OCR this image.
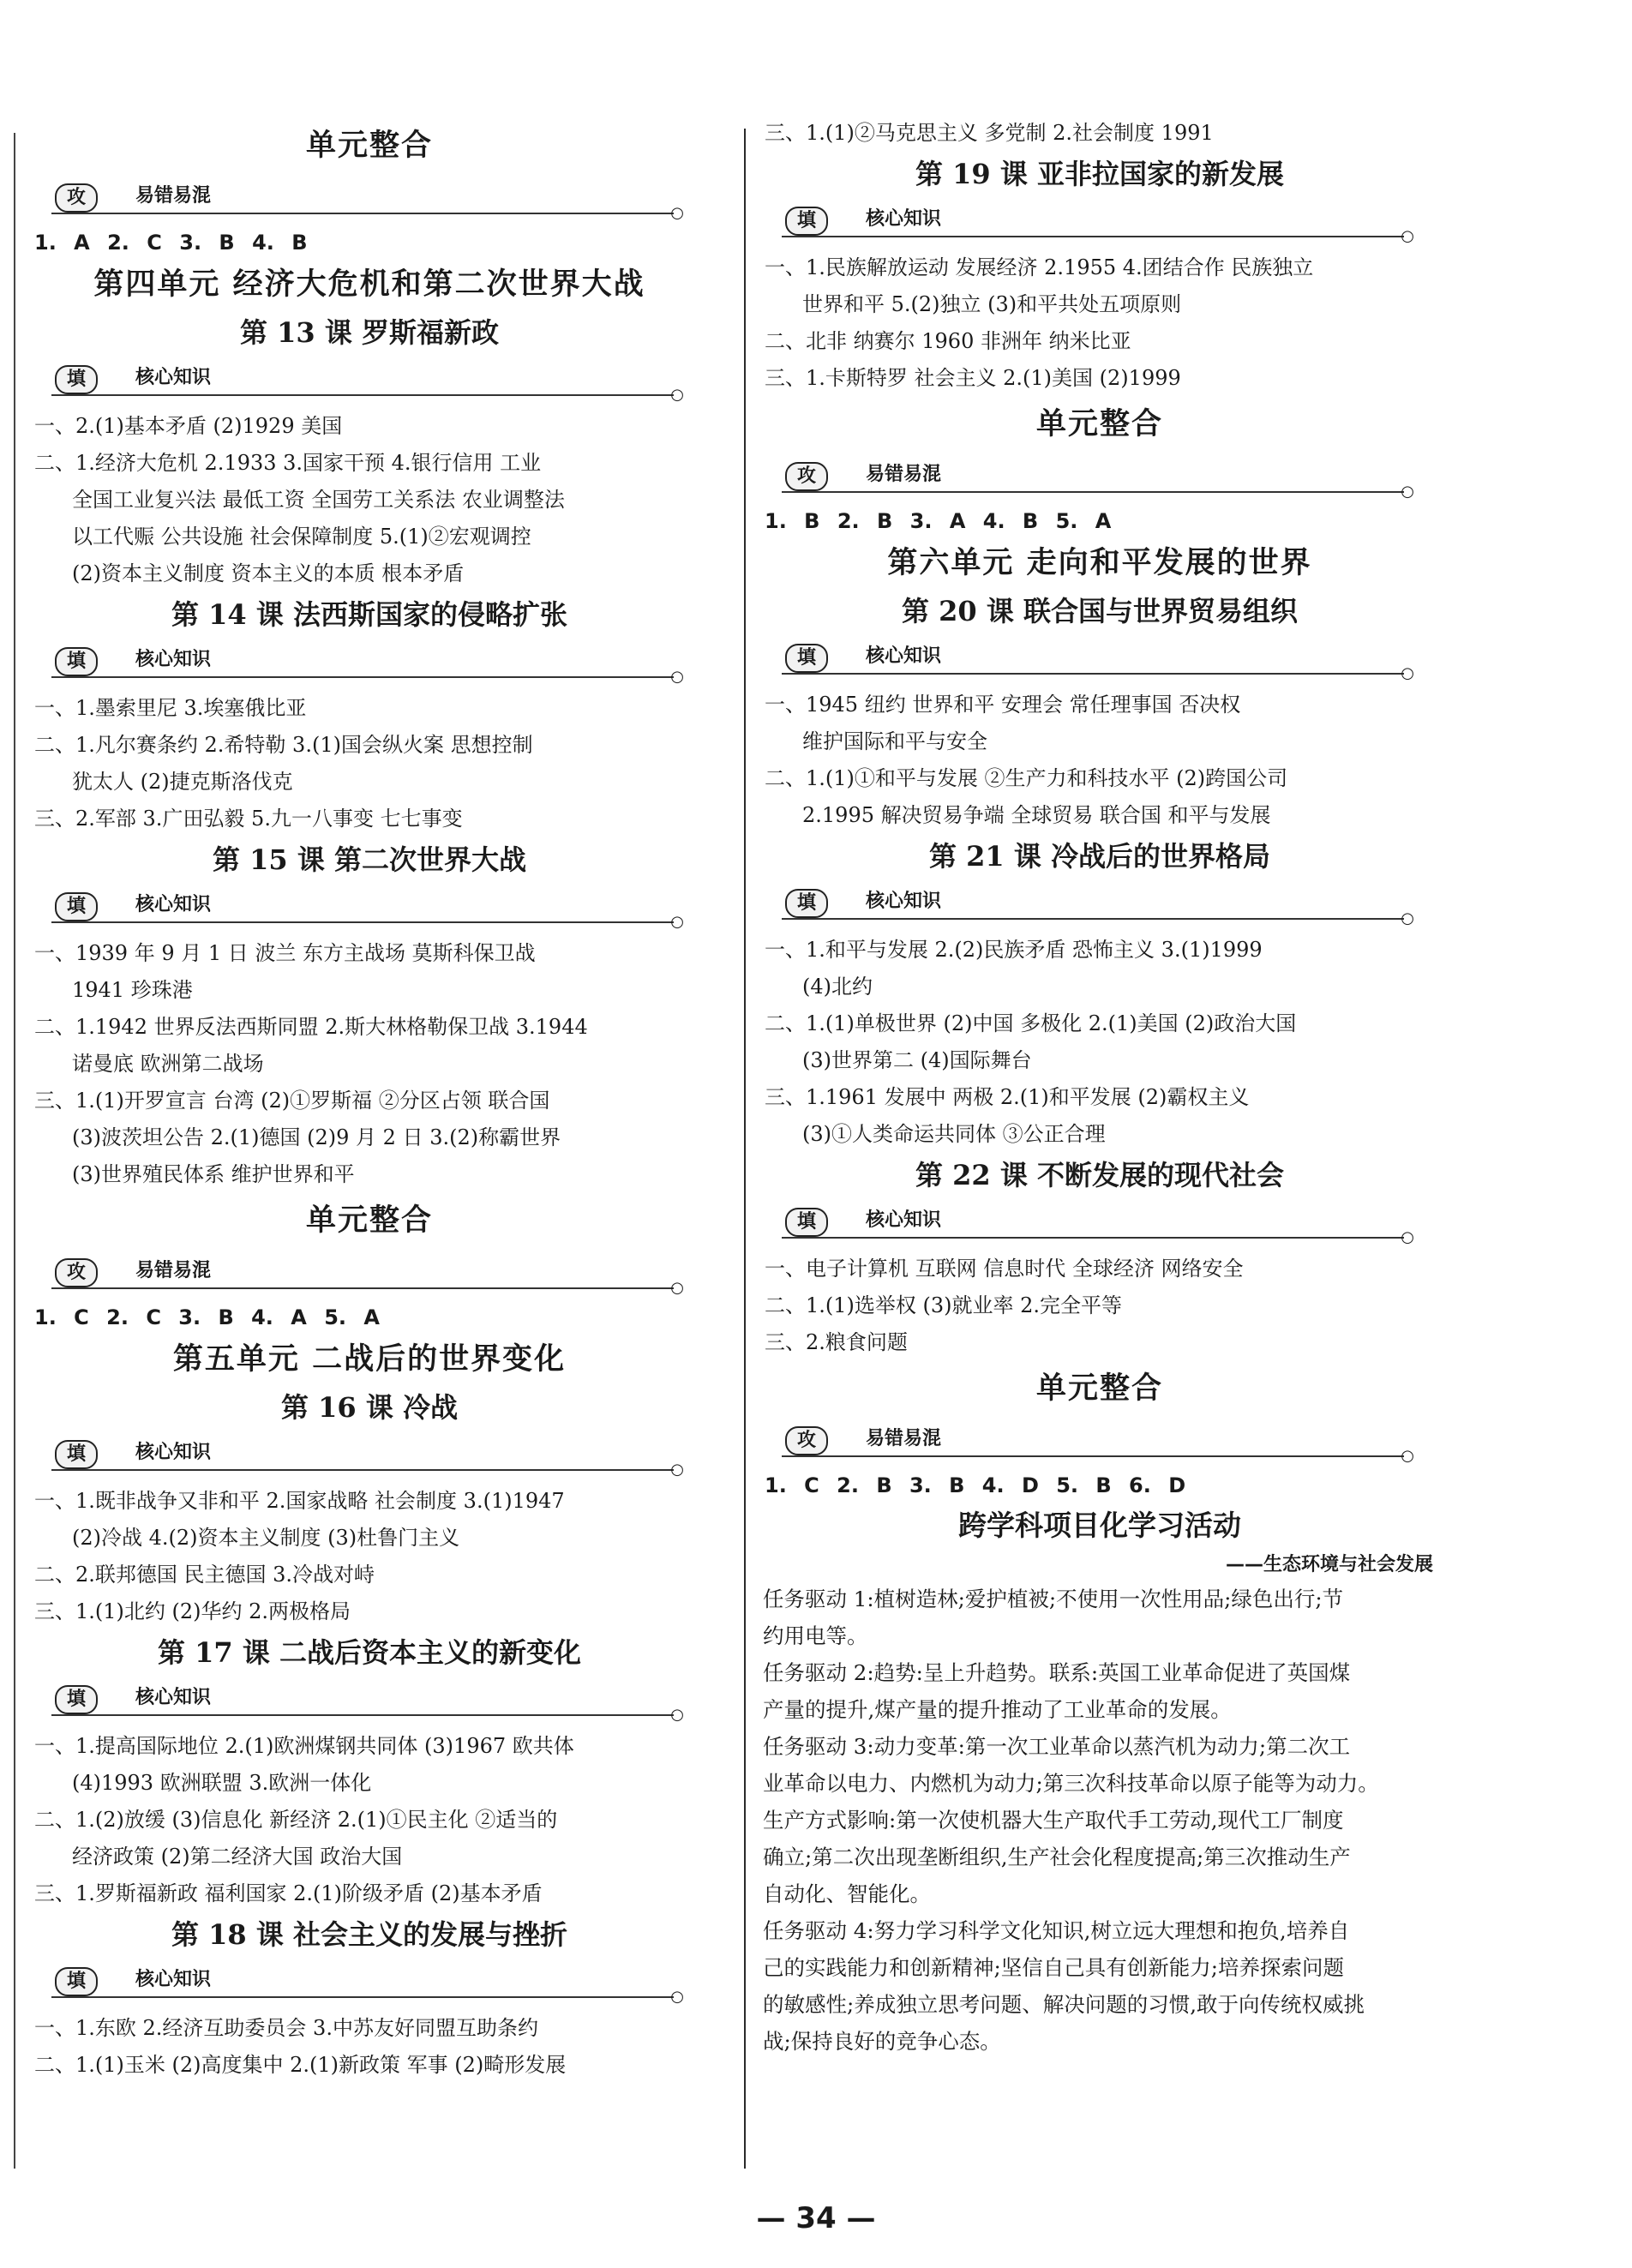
单元整合
攻	易错易混
○
1. A 2. C 3. B 4. B
第四单元 经济大危机和第二次世界大战
第 13 课 罗斯福新政
填	核心知识
○
一、2.(1)基本矛盾 (2)1929 美国
二、1.经济大危机 2.1933 3.国家干预 4.银行信用 工业
全国工业复兴法 最低工资 全国劳工关系法 农业调整法
以工代赈 公共设施 社会保障制度 5.(1)②宏观调控
(2)资本主义制度 资本主义的本质 根本矛盾
第 14 课 法西斯国家的侵略扩张
填	核心知识
○
一、1.墨索里尼 3.埃塞俄比亚
二、1.凡尔赛条约 2.希特勒 3.(1)国会纵火案 思想控制
犹太人 (2)捷克斯洛伐克
三、2.军部 3.广田弘毅 5.九一八事变 七七事变
第 15 课 第二次世界大战
填	核心知识
○
一、1939 年 9 月 1 日 波兰 东方主战场 莫斯科保卫战
1941 珍珠港
二、1.1942 世界反法西斯同盟 2.斯大林格勒保卫战 3.1944
诺曼底 欧洲第二战场
三、1.(1)开罗宣言 台湾 (2)①罗斯福 ②分区占领 联合国
(3)波茨坦公告 2.(1)德国 (2)9 月 2 日 3.(2)称霸世界
(3)世界殖民体系 维护世界和平
单元整合
攻	易错易混
○
1. C 2. C 3. B 4. A 5. A
第五单元 二战后的世界变化
第 16 课 冷战
填	核心知识
○
一、1.既非战争又非和平 2.国家战略 社会制度 3.(1)1947
(2)冷战 4.(2)资本主义制度 (3)杜鲁门主义
二、2.联邦德国 民主德国 3.冷战对峙
三、1.(1)北约 (2)华约 2.两极格局
第 17 课 二战后资本主义的新变化
填	核心知识
○
一、1.提高国际地位 2.(1)欧洲煤钢共同体 (3)1967 欧共体
(4)1993 欧洲联盟 3.欧洲一体化
二、1.(2)放缓 (3)信息化 新经济 2.(1)①民主化 ②适当的
经济政策 (2)第二经济大国 政治大国
三、1.罗斯福新政 福利国家 2.(1)阶级矛盾 (2)基本矛盾
第 18 课 社会主义的发展与挫折
填	核心知识
○
一、1.东欧 2.经济互助委员会 3.中苏友好同盟互助条约
二、1.(1)玉米 (2)高度集中 2.(1)新政策 军事 (2)畸形发展
三、1.(1)②马克思主义 多党制 2.社会制度 1991
第 19 课 亚非拉国家的新发展
填	核心知识
○
一、1.民族解放运动 发展经济 2.1955 4.团结合作 民族独立
世界和平 5.(2)独立 (3)和平共处五项原则
二、北非 纳赛尔 1960 非洲年 纳米比亚
三、1.卡斯特罗 社会主义 2.(1)美国 (2)1999
单元整合
攻	易错易混
○
1. B 2. B 3. A 4. B 5. A
第六单元 走向和平发展的世界
第 20 课 联合国与世界贸易组织
填	核心知识
○
一、1945 纽约 世界和平 安理会 常任理事国 否决权
维护国际和平与安全
二、1.(1)①和平与发展 ②生产力和科技水平 (2)跨国公司
2.1995 解决贸易争端 全球贸易 联合国 和平与发展
第 21 课 冷战后的世界格局
填	核心知识
○
一、1.和平与发展 2.(2)民族矛盾 恐怖主义 3.(1)1999
(4)北约
二、1.(1)单极世界 (2)中国 多极化 2.(1)美国 (2)政治大国
(3)世界第二 (4)国际舞台
三、1.1961 发展中 两极 2.(1)和平发展 (2)霸权主义
(3)①人类命运共同体 ③公正合理
第 22 课 不断发展的现代社会
填	核心知识
○
一、电子计算机 互联网 信息时代 全球经济 网络安全
二、1.(1)选举权 (3)就业率 2.完全平等
三、2.粮食问题
单元整合
攻	易错易混
○
1. C 2. B 3. B 4. D 5. B 6. D
跨学科项目化学习活动
——生态环境与社会发展
任务驱动 1:植树造林;爱护植被;不使用一次性用品;绿色出行;节
约用电等。
任务驱动 2:趋势:呈上升趋势。联系:英国工业革命促进了英国煤
产量的提升,煤产量的提升推动了工业革命的发展。
任务驱动 3:动力变革:第一次工业革命以蒸汽机为动力;第二次工
业革命以电力、内燃机为动力;第三次科技革命以原子能等为动力。
生产方式影响:第一次使机器大生产取代手工劳动,现代工厂制度
确立;第二次出现垄断组织,生产社会化程度提高;第三次推动生产
自动化、智能化。
任务驱动 4:努力学习科学文化知识,树立远大理想和抱负,培养自
己的实践能力和创新精神;坚信自己具有创新能力;培养探索问题
的敏感性;养成独立思考问题、解决问题的习惯,敢于向传统权威挑
战;保持良好的竞争心态。
— 34 —
